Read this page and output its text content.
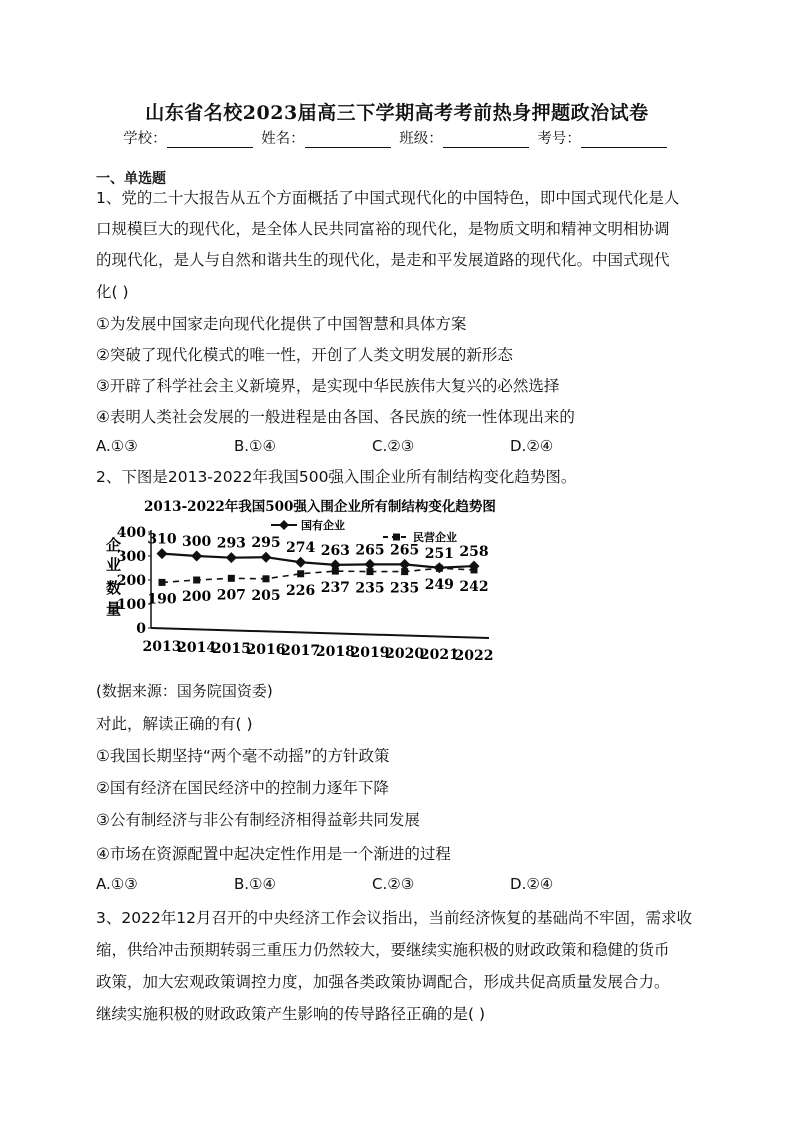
山东省名校2023届高三下学期高考考前热身押题政治试卷
学校：	姓名：	班级：	考号：
一、单选题
1、党的二十大报告从五个方面概括了中国式现代化的中国特色，即中国式现代化是人
口规模巨大的现代化，是全体人民共同富裕的现代化，是物质文明和精神文明相协调
的现代化，是人与自然和谐共生的现代化，是走和平发展道路的现代化。中国式现代
化( )
①为发展中国家走向现代化提供了中国智慧和具体方案
②突破了现代化模式的唯一性，开创了人类文明发展的新形态
③开辟了科学社会主义新境界，是实现中华民族伟大复兴的必然选择
④表明人类社会发展的一般进程是由各国、各民族的统一性体现出来的
A.①③	B.①④	C.②③	D.②④
2、下图是2013-2022年我国500强入围企业所有制结构变化趋势图。
2013-2022年我国500强入围企业所有制结构变化趋势图
企
业
数
量
国有企业
民营企业
0
100
200
300
400
2013
2014
2015
2016
2017
2018
2019
2020
2021
2022
310 300 293 295 274 263 265 265 251 258
190 200 207 205 226 237 235 235 249 242
(数据来源：国务院国资委)
对此，解读正确的有( )
①我国长期坚持“两个毫不动摇”的方针政策
②国有经济在国民经济中的控制力逐年下降
③公有制经济与非公有制经济相得益彰共同发展
④市场在资源配置中起决定性作用是一个渐进的过程
A.①③	B.①④	C.②③	D.②④
3、2022年12月召开的中央经济工作会议指出，当前经济恢复的基础尚不牢固，需求收
缩，供给冲击预期转弱三重压力仍然较大，要继续实施积极的财政政策和稳健的货币
政策，加大宏观政策调控力度，加强各类政策协调配合，形成共促高质量发展合力。
继续实施积极的财政政策产生影响的传导路径正确的是( )
